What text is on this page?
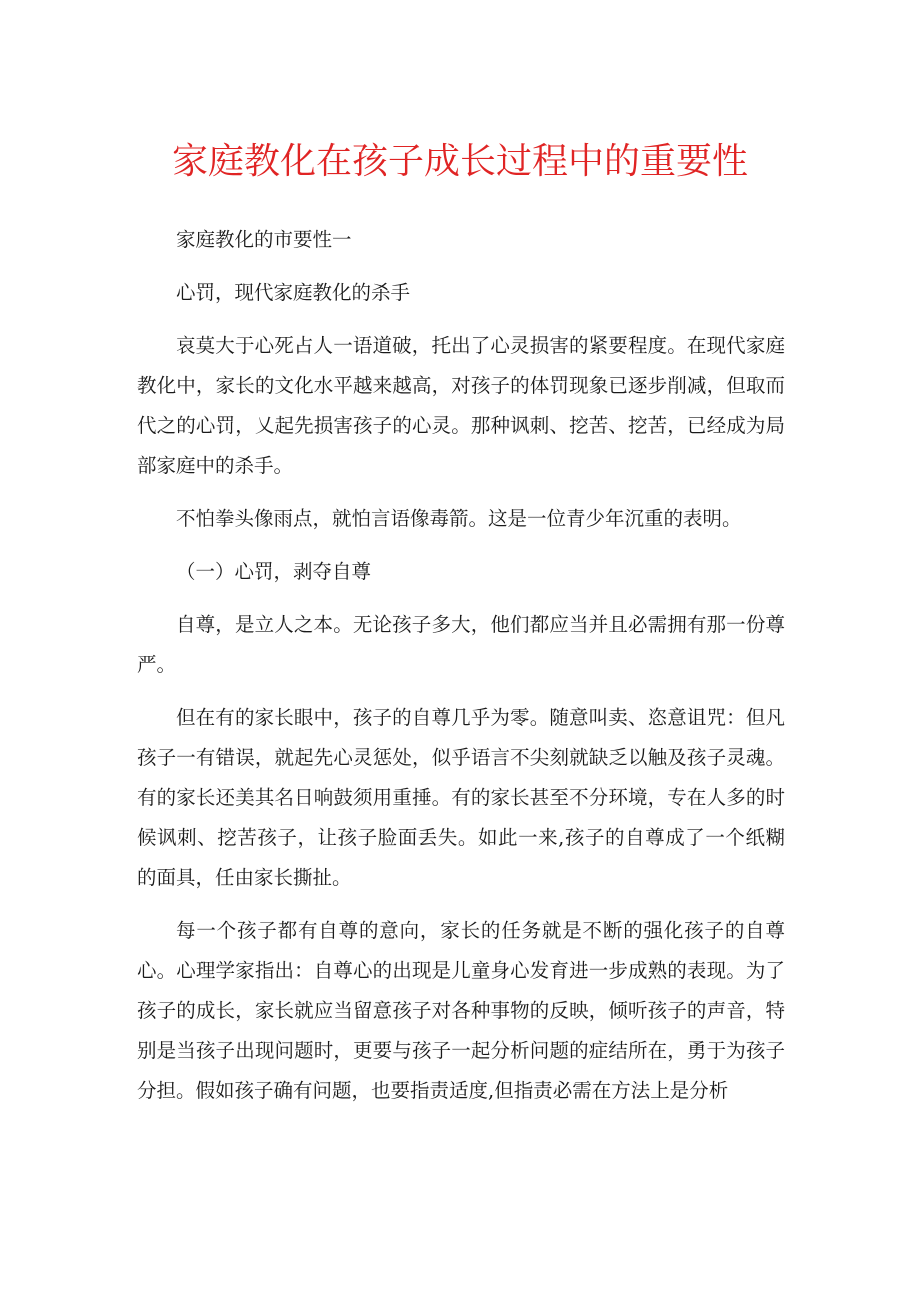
家庭教化在孩子成长过程中的重要性

家庭教化的市要性一

心罚，现代家庭教化的杀手

哀莫大于心死占人一语道破，托出了心灵损害的紧要程度。在现代家庭教化中，家长的文化水平越来越高，对孩子的体罚现象已逐步削减，但取而代之的心罚，乂起先损害孩子的心灵。那种讽刺、挖苦、挖苦，已经成为局部家庭中的杀手。

不怕拳头像雨点，就怕言语像毒箭。这是一位青少年沉重的表明。

（一）心罚，剥夺自尊

自尊，是立人之本。无论孩子多大，他们都应当并且必需拥有那一份尊严。

但在有的家长眼中，孩子的自尊几乎为零。随意叫卖、恣意诅咒：但凡孩子一有错误，就起先心灵惩处，似乎语言不尖刻就缺乏以触及孩子灵魂。有的家长还美其名日响鼓须用重捶。有的家长甚至不分环境，专在人多的时候讽刺、挖苦孩子，让孩子脸面丢失。如此一来,孩子的自尊成了一个纸糊的面具，任由家长撕扯。

每一个孩子都有自尊的意向，家长的任务就是不断的强化孩子的自尊心。心理学家指出：自尊心的出现是儿童身心发育进一步成熟的表现。为了孩子的成长，家长就应当留意孩子对各种事物的反映，倾听孩子的声音，特别是当孩子出现问题时，更要与孩子一起分析问题的症结所在，勇于为孩子分担。假如孩子确有问题，也要指责适度,但指责必需在方法上是分析
